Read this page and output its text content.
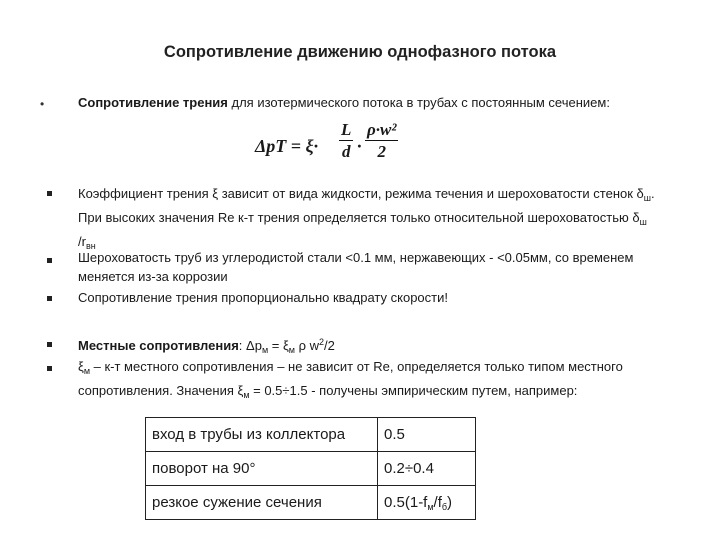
Сопротивление движению однофазного потока
•	Сопротивление трения для изотермического потока в трубах с постоянным сечением:
$\Delta pТ = \xi\cdot \frac{L}{d} \cdot \frac{\text{ρ·w²}}{2}$
Коэффициент трения ξ зависит от вида жидкости, режима течения и шероховатости стенок $\delta_ш$. При высоких значения Re к-т трения определяется только относительной шероховатостью $\delta_ш$ $/r_{вн}$
Шероховатость труб из углеродистой стали <0.1 мм, нержавеющих - <0.05мм, со временем меняется из-за коррозии
Сопротивление трения пропорционально квадрату скорости!
Местные сопротивления: $\Delta р_м = \xi_м$ ρ $w^2/2$
$\xi_м - к-т$ местного сопротивления – не зависит от Re, определяется только типом местного сопротивления. Значения $\xi_м = 0.5\div 1.5$ - получены эмпирическим путем, например:
вход в трубы из коллектора	0.5
поворот на 90°	0.2÷0.4
резкое сужение сечения	$0.5(1-f_м/f_б)$
